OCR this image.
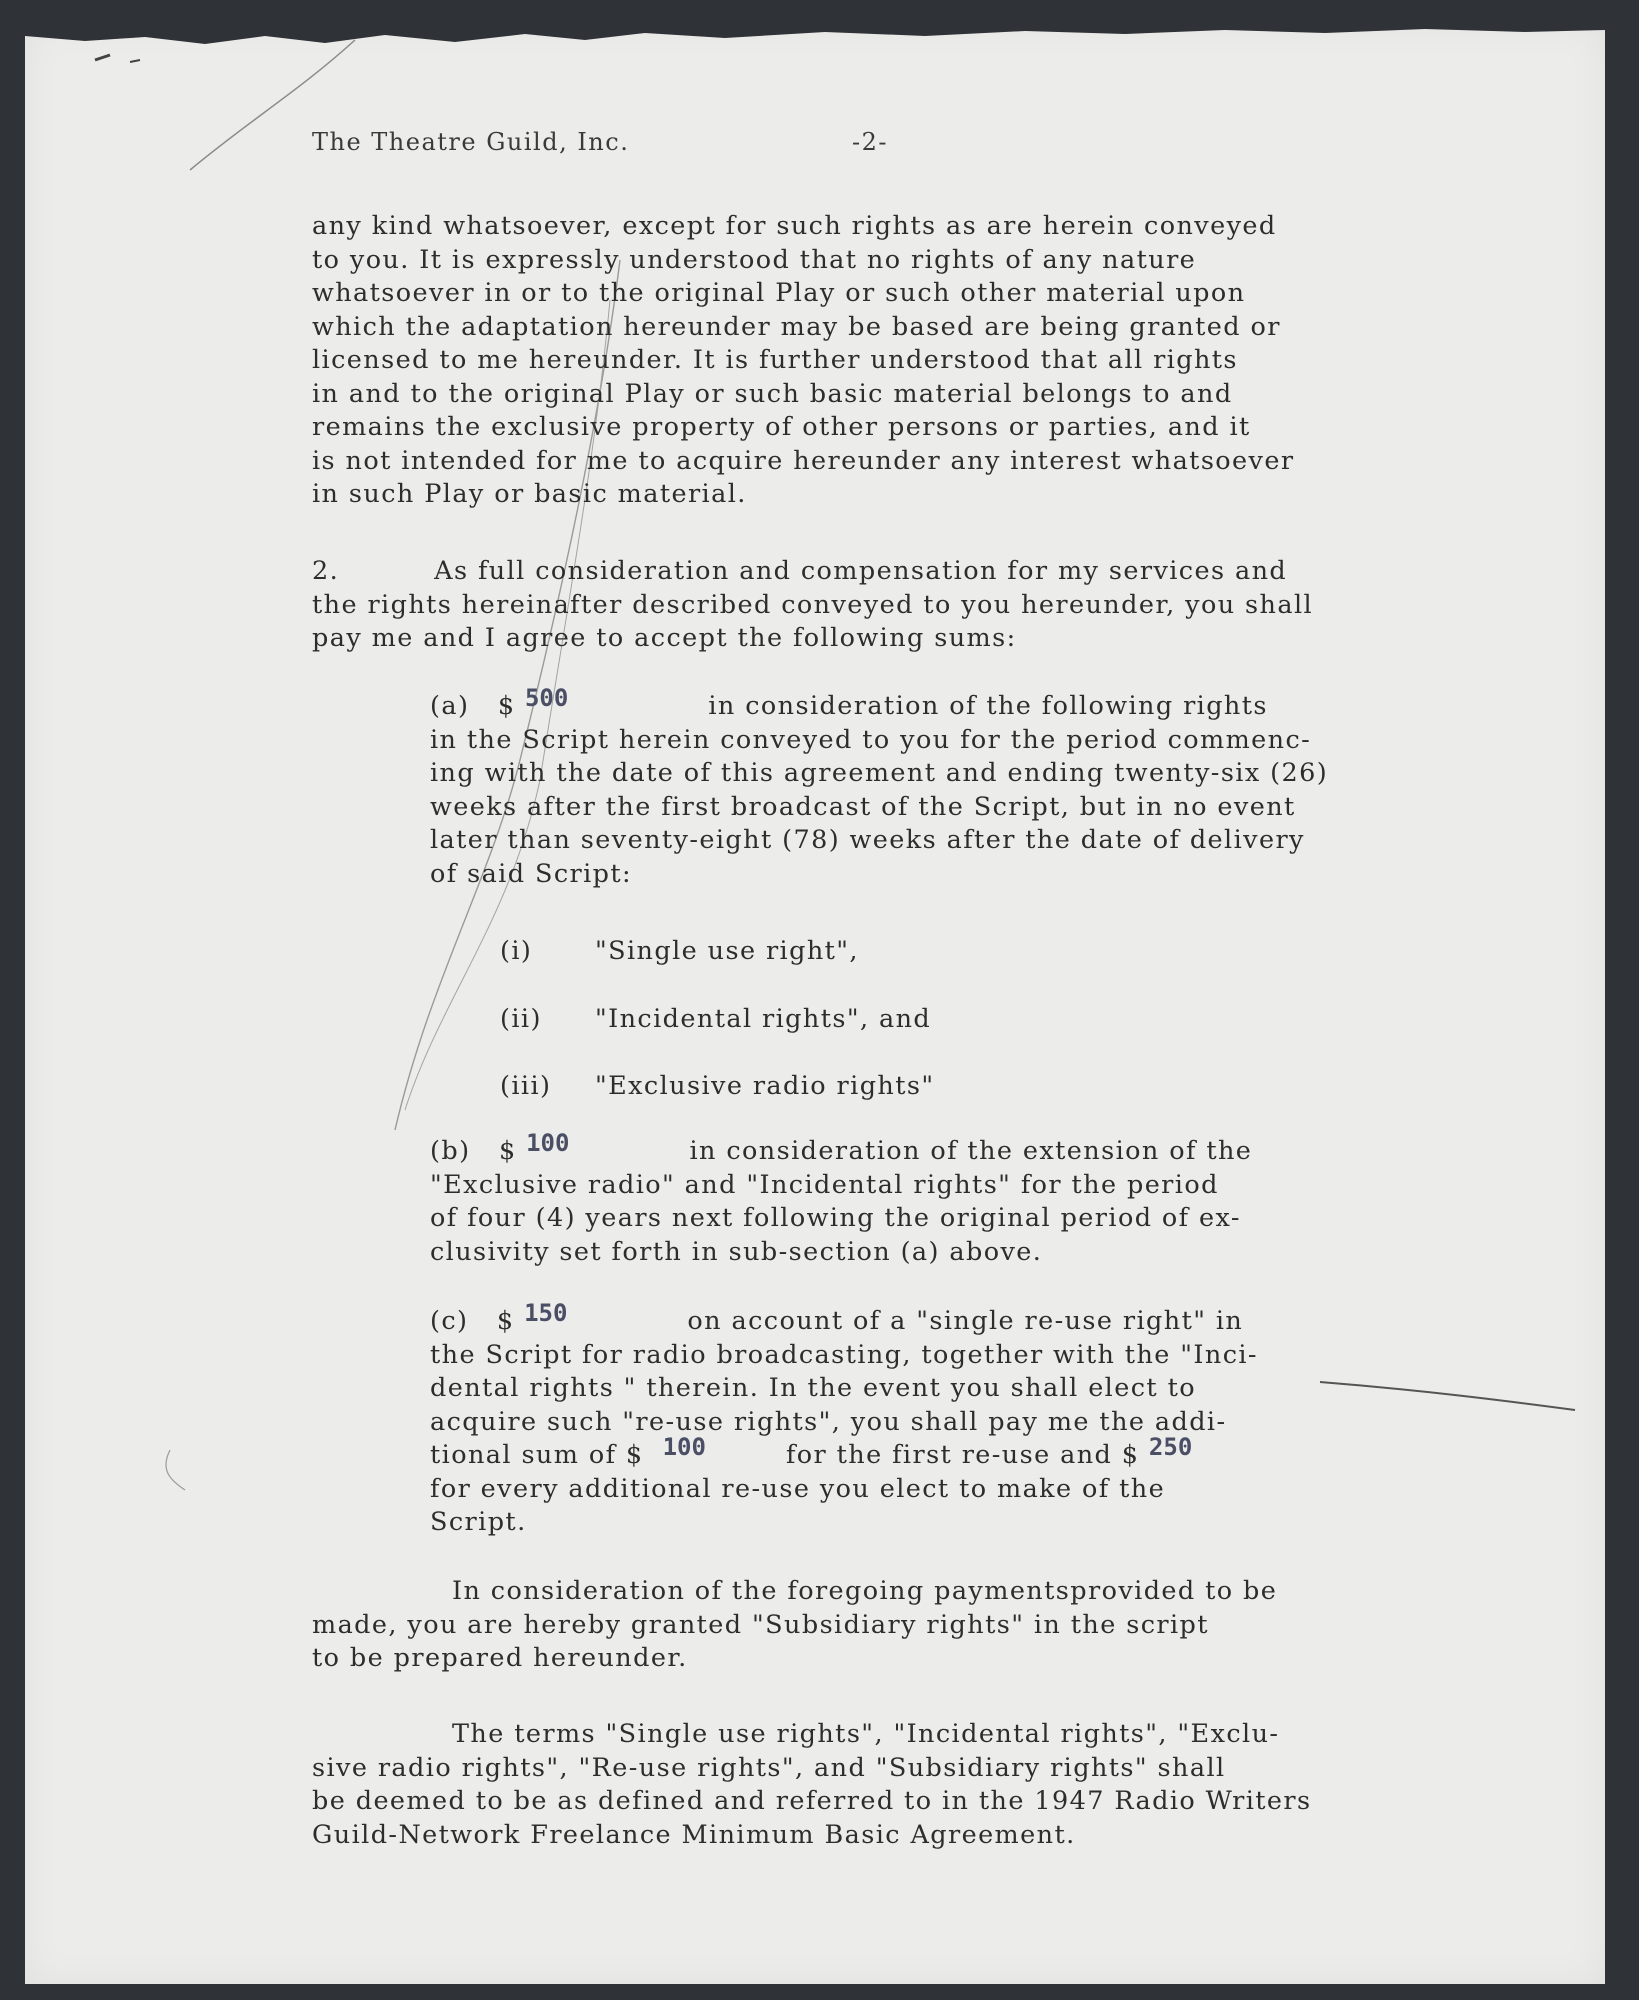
The Theatre Guild, Inc.	-2-
any kind whatsoever, except for such rights as are herein conveyed
to you. It is expressly understood that no rights of any nature
whatsoever in or to the original Play or such other material upon
which the adaptation hereunder may be based are being granted or
licensed to me hereunder. It is further understood that all rights
in and to the original Play or such basic material belongs to and
remains the exclusive property of other persons or parties, and it
is not intended for me to acquire hereunder any interest whatsoever
in such Play or basic material.
2.	As full consideration and compensation for my services and
the rights hereinafter described conveyed to you hereunder, you shall
pay me and I agree to accept the following sums:
(a) $ 500	in consideration of the following rights
in the Script herein conveyed to you for the period commenc-
ing with the date of this agreement and ending twenty-six (26)
weeks after the first broadcast of the Script, but in no event
later than seventy-eight (78) weeks after the date of delivery
of said Script:
(i) "Single use right",
(ii) "Incidental rights", and
(iii) "Exclusive radio rights"
(b) $ 100	in consideration of the extension of the
"Exclusive radio" and "Incidental rights" for the period
of four (4) years next following the original period of ex-
clusivity set forth in sub-section (a) above.
(c) $ 150	on account of a "single re-use right" in
the Script for radio broadcasting, together with the "Inci-
dental rights " therein. In the event you shall elect to
acquire such "re-use rights", you shall pay me the addi-
tional sum of $ 100	for the first re-use and $ 250
for every additional re-use you elect to make of the
Script.
In consideration of the foregoing paymentsprovided to be
made, you are hereby granted "Subsidiary rights" in the script
to be prepared hereunder.
The terms "Single use rights", "Incidental rights", "Exclu-
sive radio rights", "Re-use rights", and "Subsidiary rights" shall
be deemed to be as defined and referred to in the 1947 Radio Writers
Guild-Network Freelance Minimum Basic Agreement.
